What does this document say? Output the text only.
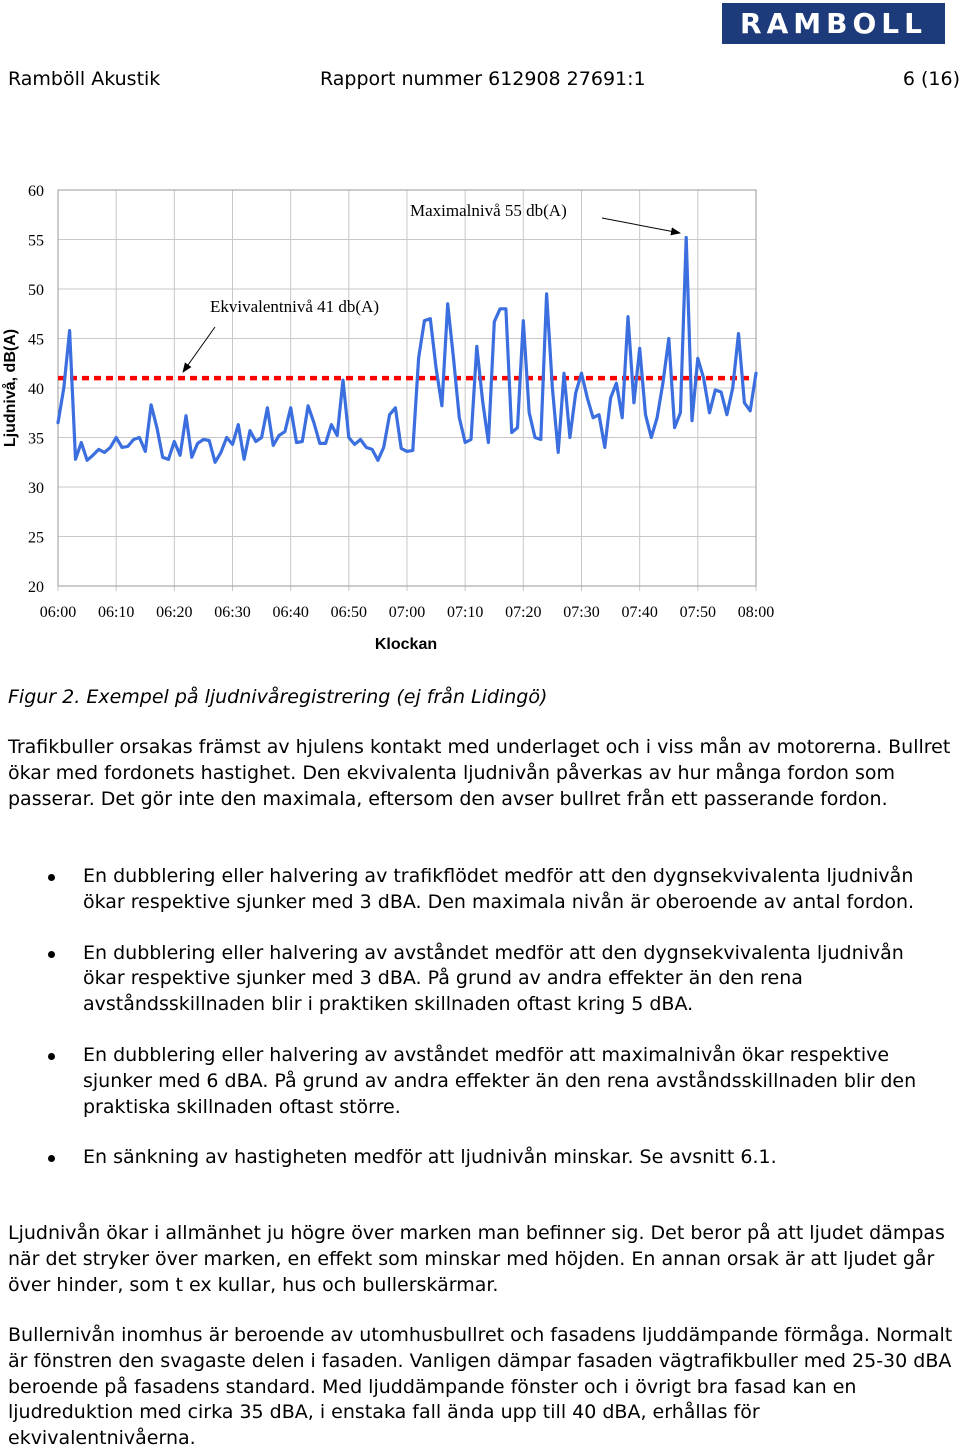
RAMBOLL
Ramböll Akustik	Rapport nummer 612908 27691:1	6 (16)
20
25
30
35
40
45
50
55
60
06:00 06:10 06:20 06:30 06:40 06:50 07:00 07:10 07:20 07:30 07:40 07:50 08:00
Ljudnivå, dB(A)
Klockan
Maximalnivå 55 db(A)
Ekvivalentnivå 41 db(A)
Figur 2. Exempel på ljudnivåregistrering (ej från Lidingö)

Trafikbuller orsakas främst av hjulens kontakt med underlaget och i viss mån av motorerna. Bullret ökar med fordonets hastighet. Den ekvivalenta ljudnivån påverkas av hur många fordon som passerar. Det gör inte den maximala, eftersom den avser bullret från ett passerande fordon.

En dubblering eller halvering av trafikflödet medför att den dygnsekvivalenta ljudnivån ökar respektive sjunker med 3 dBA. Den maximala nivån är oberoende av antal fordon.
En dubblering eller halvering av avståndet medför att den dygnsekvivalenta ljudnivån ökar respektive sjunker med 3 dBA. På grund av andra effekter än den rena avståndsskillnaden blir i praktiken skillnaden oftast kring 5 dBA.
En dubblering eller halvering av avståndet medför att maximalnivån ökar respektive sjunker med 6 dBA. På grund av andra effekter än den rena avståndsskillnaden blir den praktiska skillnaden oftast större.
En sänkning av hastigheten medför att ljudnivån minskar. Se avsnitt 6.1.

Ljudnivån ökar i allmänhet ju högre över marken man befinner sig. Det beror på att ljudet dämpas när det stryker över marken, en effekt som minskar med höjden. En annan orsak är att ljudet går över hinder, som t ex kullar, hus och bullerskärmar.

Bullernivån inomhus är beroende av utomhusbullret och fasadens ljuddämpande förmåga. Normalt är fönstren den svagaste delen i fasaden. Vanligen dämpar fasaden vägtrafikbuller med 25-30 dBA beroende på fasadens standard. Med ljuddämpande fönster och i övrigt bra fasad kan en ljudreduktion med cirka 35 dBA, i enstaka fall ända upp till 40 dBA, erhållas för ekvivalentnivåerna.
